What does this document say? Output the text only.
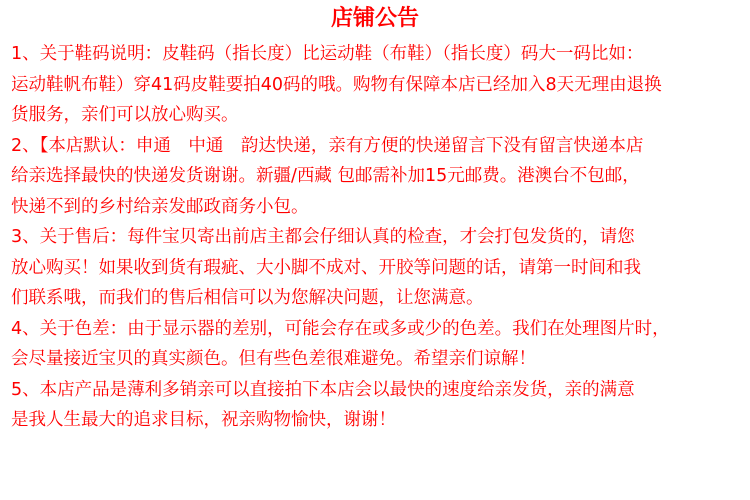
店铺公告
1、关于鞋码说明：皮鞋码（指长度）比运动鞋（布鞋）（指长度）码大一码比如：
运动鞋帆布鞋）穿41码皮鞋要拍40码的哦。购物有保障本店已经加入8天无理由退换
货服务，亲们可以放心购买。
2、【本店默认：申通　中通　韵达快递，亲有方便的快递留言下没有留言快递本店
给亲选择最快的快递发货谢谢。新疆/西藏 包邮需补加15元邮费。港澳台不包邮，
快递不到的乡村给亲发邮政商务小包。
3、关于售后：每件宝贝寄出前店主都会仔细认真的检查，才会打包发货的，请您
放心购买！如果收到货有瑕疵、大小脚不成对、开胶等问题的话，请第一时间和我
们联系哦，而我们的售后相信可以为您解决问题，让您满意。
4、关于色差：由于显示器的差别，可能会存在或多或少的色差。我们在处理图片时，
会尽量接近宝贝的真实颜色。但有些色差很难避免。希望亲们谅解！
5、本店产品是薄利多销亲可以直接拍下本店会以最快的速度给亲发货，亲的满意
是我人生最大的追求目标，祝亲购物愉快，谢谢！
